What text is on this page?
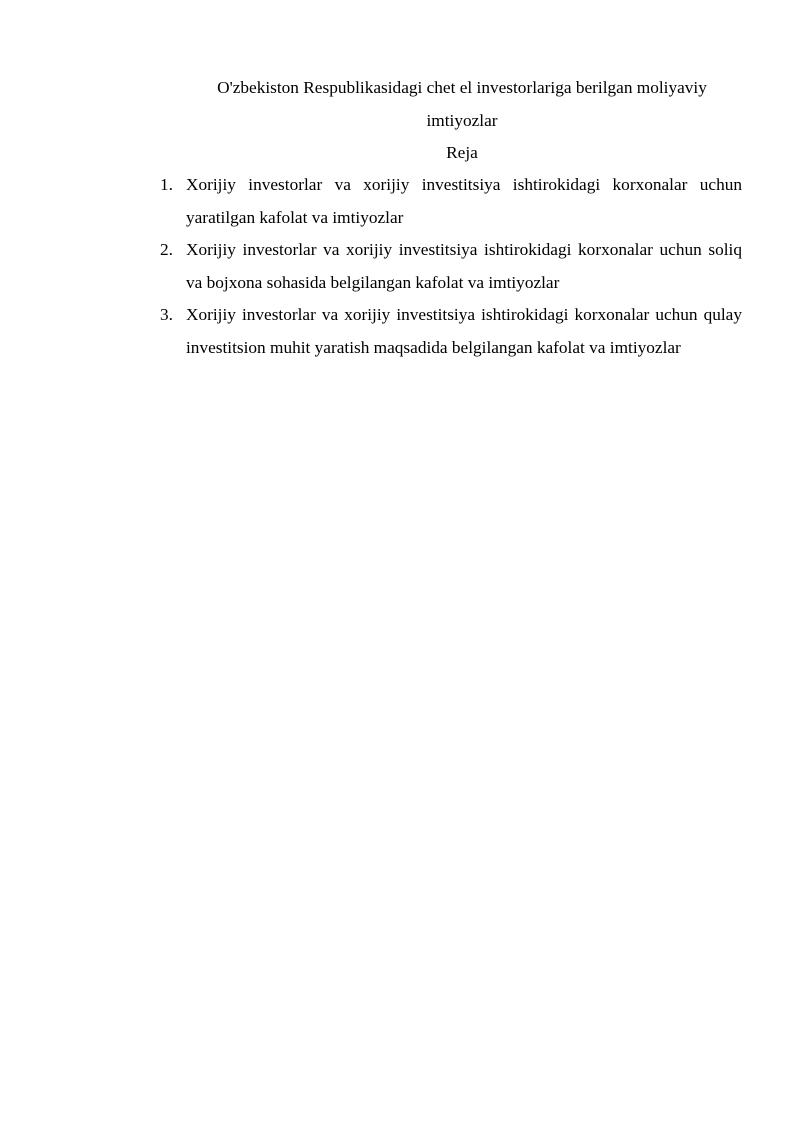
O'zbekiston Respublikasidagi chet el investorlariga berilgan moliyaviy imtiyozlar
Reja
1. Xorijiy investorlar va xorijiy investitsiya ishtirokidagi korxonalar uchun yaratilgan kafolat va imtiyozlar
2. Xorijiy investorlar va xorijiy investitsiya ishtirokidagi korxonalar uchun soliq va bojxona sohasida belgilangan kafolat va imtiyozlar
3. Xorijiy investorlar va xorijiy investitsiya ishtirokidagi korxonalar uchun qulay investitsion muhit yaratish maqsadida belgilangan kafolat va imtiyozlar
